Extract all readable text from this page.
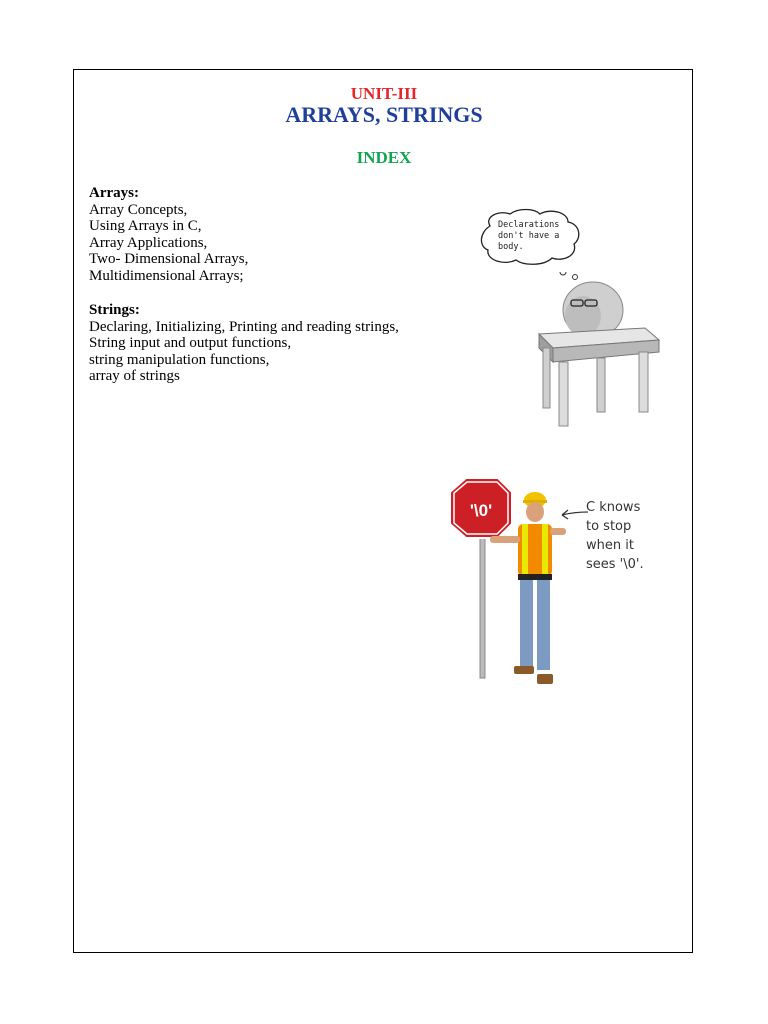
UNIT-III
ARRAYS, STRINGS
INDEX
Arrays:
Array Concepts,
Using Arrays in C,
Array Applications,
Two- Dimensional Arrays,
Multidimensional Arrays;
Strings:
Declaring, Initializing, Printing and reading strings,
String input and output functions,
string manipulation functions,
array of strings
Declarations
don't have a
body.
'\0'	C knows
to stop
when it
sees '\0'.
